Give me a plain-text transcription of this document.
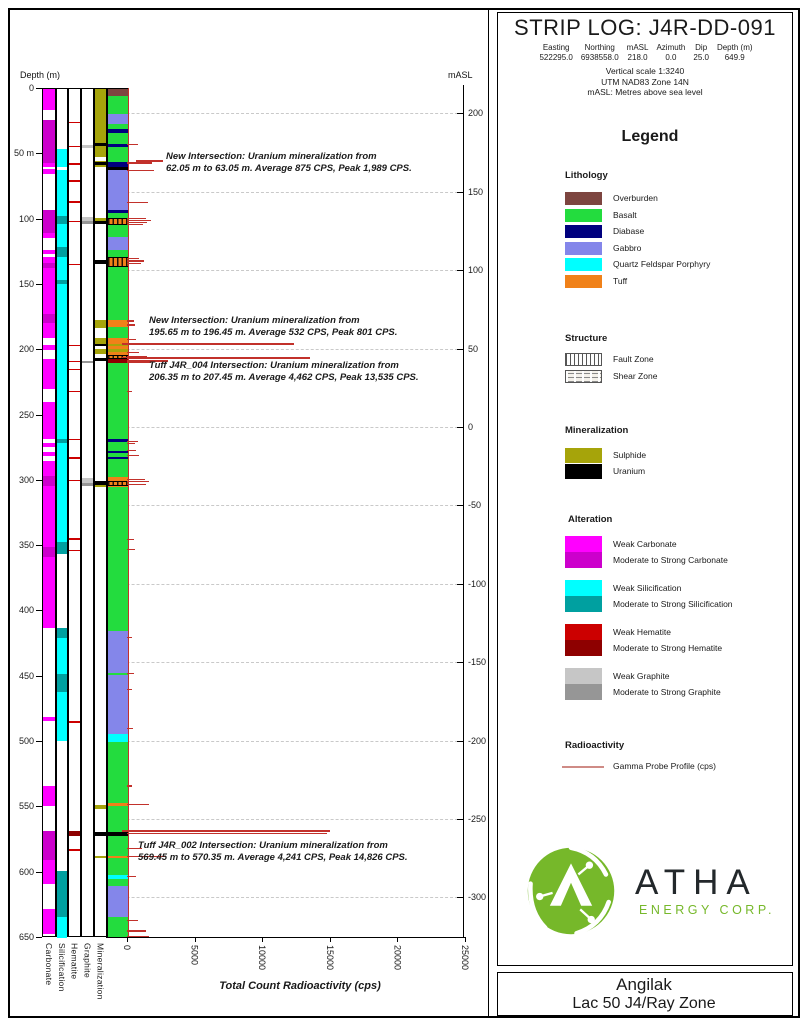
Depth (m)	mASL
200
150
100
50
0
-50
-100
-150
-200
-250
-300
0
50 m
100
150
200
250
300
350
400
450
500
550
600
650
0	5000	10000	15000	20000	25000
Carbonate Silicification Hematite Graphite Mineralization
New Intersection: Uranium mineralization from
62.05 m to 63.05 m. Average 875 CPS, Peak 1,989 CPS.
New Intersection: Uranium mineralization from
195.65 m to 196.45 m. Average 532 CPS, Peak 801 CPS.
Tuff J4R_004 Intersection: Uranium mineralization from
206.35 m to 207.45 m. Average 4,462 CPS, Peak 13,535 CPS.
Tuff J4R_002 Intersection: Uranium mineralization from
569.45 m to 570.35 m. Average 4,241 CPS, Peak 14,826 CPS.
Total Count Radioactivity (cps)
STRIP LOG: J4R-DD-091
Easting
522295.0
Northing
6938558.0
mASL
218.0
Azimuth
0.0
Dip
25.0
Depth (m)
649.9
Vertical scale 1:3240
UTM NAD83 Zone 14N
mASL: Metres above sea level
Legend
Lithology
Overburden
Basalt
Diabase
Gabbro
Quartz Feldspar Porphyry
Tuff
Structure
Fault Zone
Shear Zone
Mineralization
Sulphide
Uranium
Alteration
Weak Carbonate
Moderate to Strong Carbonate
Weak Silicification
Moderate to Strong Silicification
Weak Hematite
Moderate to Strong Hematite
Weak Graphite
Moderate to Strong Graphite
Radioactivity
Gamma Probe Profile (cps)
ATHA
ENERGY CORP.
Angilak
Lac 50 J4/Ray Zone
